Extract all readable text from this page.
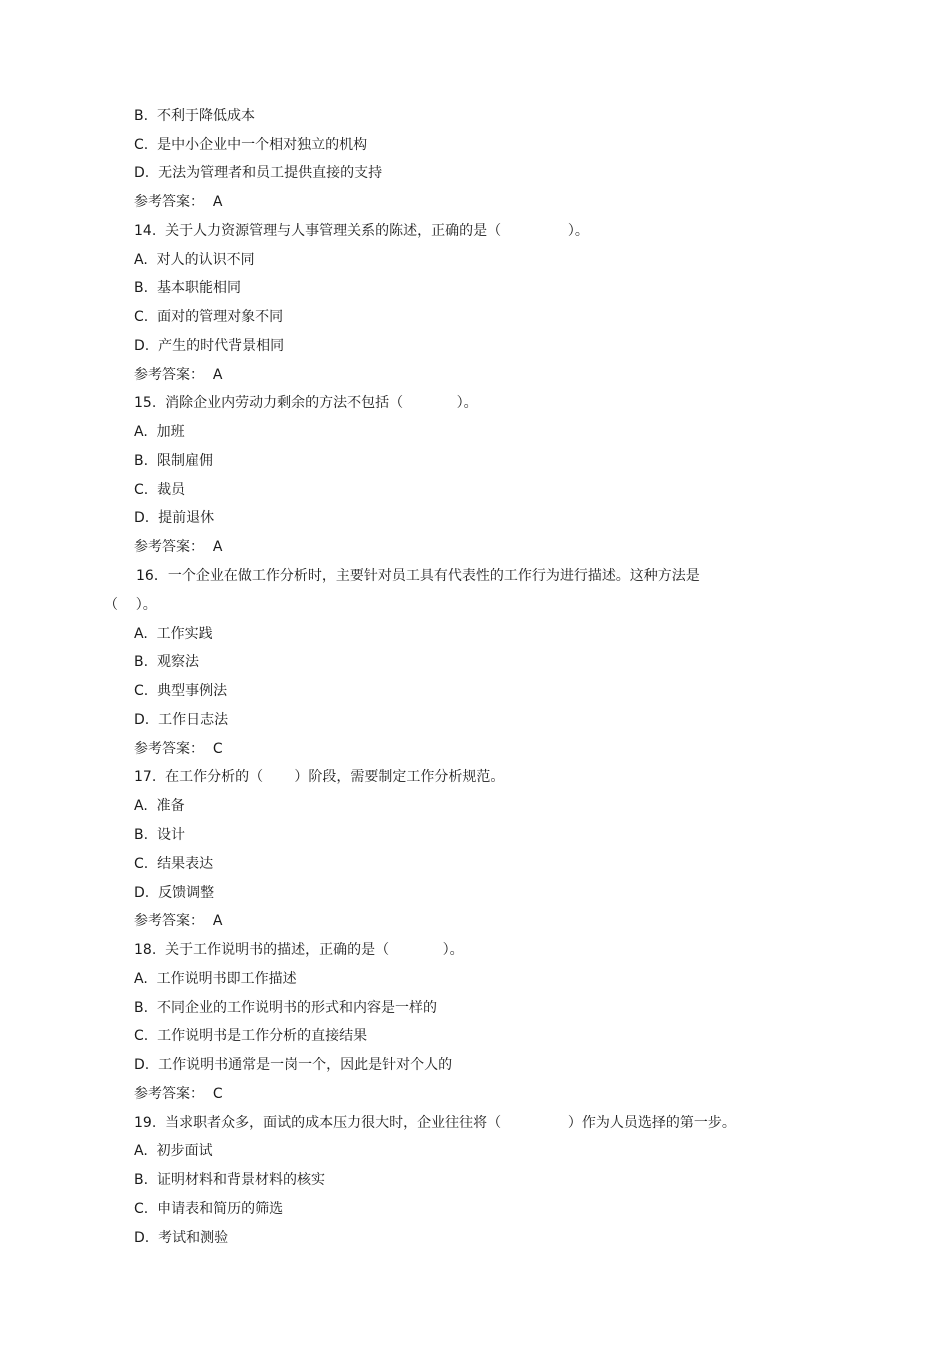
B.  不利于降低成本
C.  是中小企业中一个相对独立的机构
D.  无法为管理者和员工提供直接的支持
参考答案：  A
14.  关于人力资源管理与人事管理关系的陈述，正确的是（               ）。
A.  对人的认识不同
B.  基本职能相同
C.  面对的管理对象不同
D.  产生的时代背景相同
参考答案：  A
15.  消除企业内劳动力剩余的方法不包括（            ）。
A.  加班
B.  限制雇佣
C.  裁员
D.  提前退休
参考答案：  A
16．一个企业在做工作分析时，主要针对员工具有代表性的工作行为进行描述。这种方法是
（    ）。
A.  工作实践
B.  观察法
C.  典型事例法
D.  工作日志法
参考答案：  C
17.  在工作分析的（       ）阶段，需要制定工作分析规范。
A.  准备
B.  设计
C.  结果表达
D.  反馈调整
参考答案：  A
18.  关于工作说明书的描述，正确的是（            ）。
A.  工作说明书即工作描述
B.  不同企业的工作说明书的形式和内容是一样的
C.  工作说明书是工作分析的直接结果
D.  工作说明书通常是一岗一个，因此是针对个人的
参考答案：  C
19.  当求职者众多，面试的成本压力很大时，企业往往将（               ）作为人员选择的第一步。
A.  初步面试
B.  证明材料和背景材料的核实
C.  申请表和简历的筛选
D.  考试和测验
